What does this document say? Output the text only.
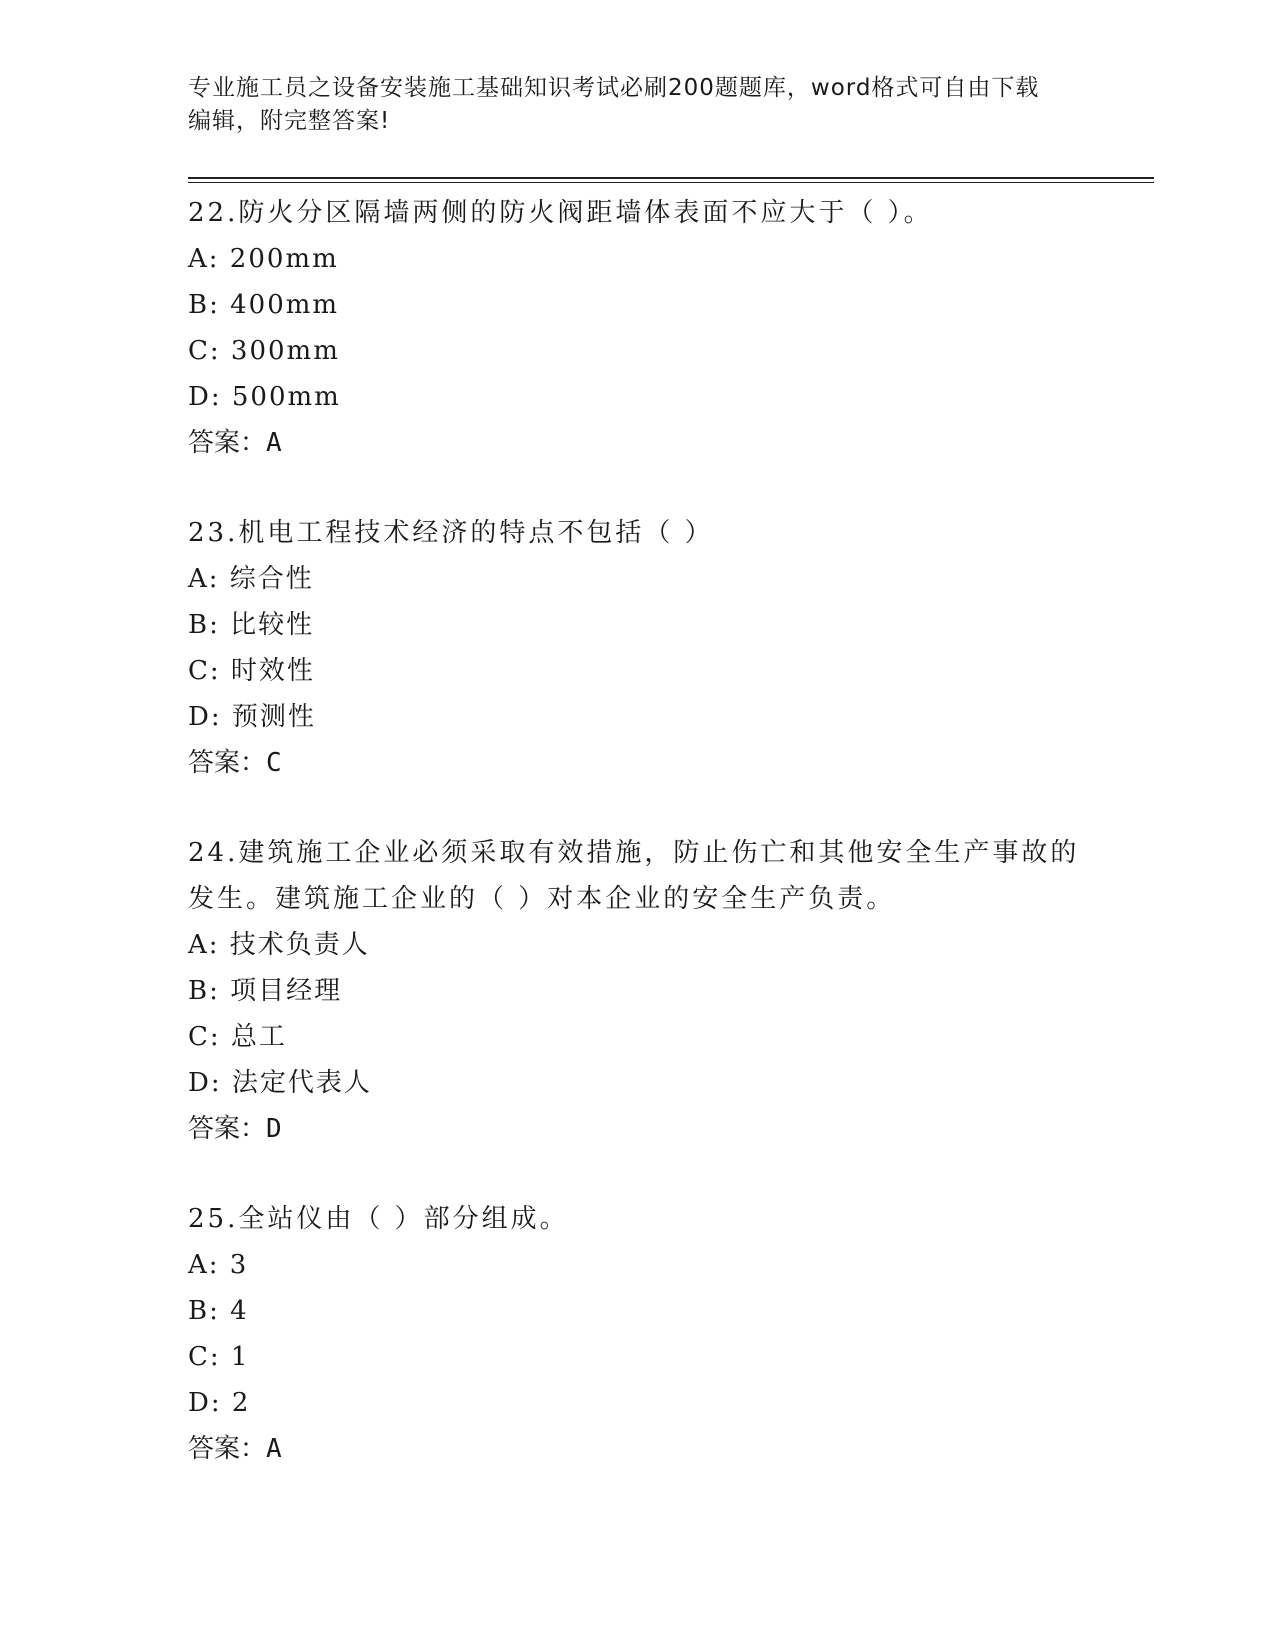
专业施工员之设备安装施工基础知识考试必刷200题题库，word格式可自由下载
编辑，附完整答案!

22.防火分区隔墙两侧的防火阀距墙体表面不应大于（ ）。

A: 200mm

B: 400mm

C: 300mm

D: 500mm

答案：A

23.机电工程技术经济的特点不包括（ ）

A: 综合性

B: 比较性

C: 时效性

D: 预测性

答案：C

24.建筑施工企业必须采取有效措施，防止伤亡和其他安全生产事故的

发生。建筑施工企业的（ ）对本企业的安全生产负责。

A: 技术负责人

B: 项目经理

C: 总工

D: 法定代表人

答案：D

25.全站仪由（ ）部分组成。

A: 3

B: 4

C: 1

D: 2

答案：A
